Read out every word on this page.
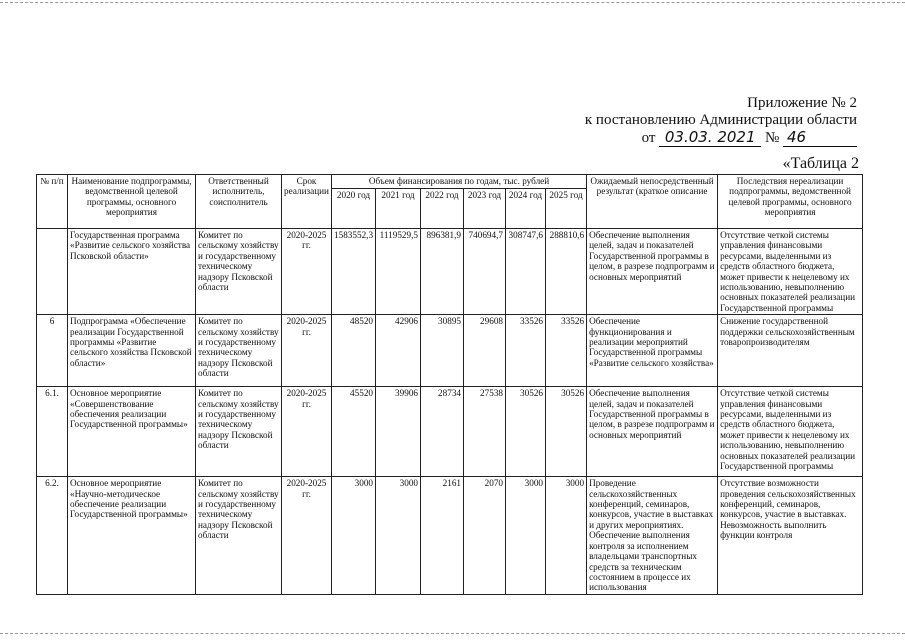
Приложение № 2
к постановлению Администрации области
от 03.03. 2021 № 46
«Таблица 2
№ п/п	Наименование подпрограммы, ведомственной целевой программы, основного мероприятия	Ответственный исполнитель, соисполнитель	Срок реализации	Объем финансирования по годам, тыс. рублей						Ожидаемый непосредственный результат (краткое описание	Последствия нереализации подпрограммы, ведомственной целевой программы, основного мероприятия
				2020 год	2021 год	2022 год	2023 год	2024 год	2025 год		
	Государственная программа «Развитие сельского хозяйства Псковской области»	Комитет по сельскому хозяйству и государственному техническому надзору Псковской области	2020-2025 гг.	1583552,3	1119529,5	896381,9	740694,7	308747,6	288810,6	Обеспечение выполнения целей, задач и показателей Государственной программы в целом, в разрезе подпрограмм и основных мероприятий	Отсутствие четкой системы управления финансовыми ресурсами, выделенными из средств областного бюджета, может привести к нецелевому их использованию, невыполнению основных показателей реализации Государственной программы
6	Подпрограмма «Обеспечение реализации Государственной программы «Развитие сельского хозяйства Псковской области»	Комитет по сельскому хозяйству и государственному техническому надзору Псковской области	2020-2025 гг.	48520	42906	30895	29608	33526	33526	Обеспечение функционирования и реализации мероприятий Государственной программы «Развитие сельского хозяйства»	Снижение государственной поддержки сельскохозяйственным товаропроизводителям
6.1.	Основное мероприятие «Совершенствование обеспечения реализации Государственной программы»	Комитет по сельскому хозяйству и государственному техническому надзору Псковской области	2020-2025 гг.	45520	39906	28734	27538	30526	30526	Обеспечение выполнения целей, задач и показателей Государственной программы в целом, в разрезе подпрограмм и основных мероприятий	Отсутствие четкой системы управления финансовыми ресурсами, выделенными из средств областного бюджета, может привести к нецелевому их использованию, невыполнению основных показателей реализации Государственной программы
6.2.	Основное мероприятие «Научно-методическое обеспечение реализации Государственной программы»	Комитет по сельскому хозяйству и государственному техническому надзору Псковской области	2020-2025 гг.	3000	3000	2161	2070	3000	3000	Проведение сельскохозяйственных конференций, семинаров, конкурсов, участие в выставках и других мероприятиях. Обеспечение выполнения контроля за исполнением владельцами транспортных средств за техническим состоянием в процессе их использования	Отсутствие возможности проведения сельскохозяйственных конференций, семинаров, конкурсов, участие в выставках. Невозможность выполнить функции контроля
